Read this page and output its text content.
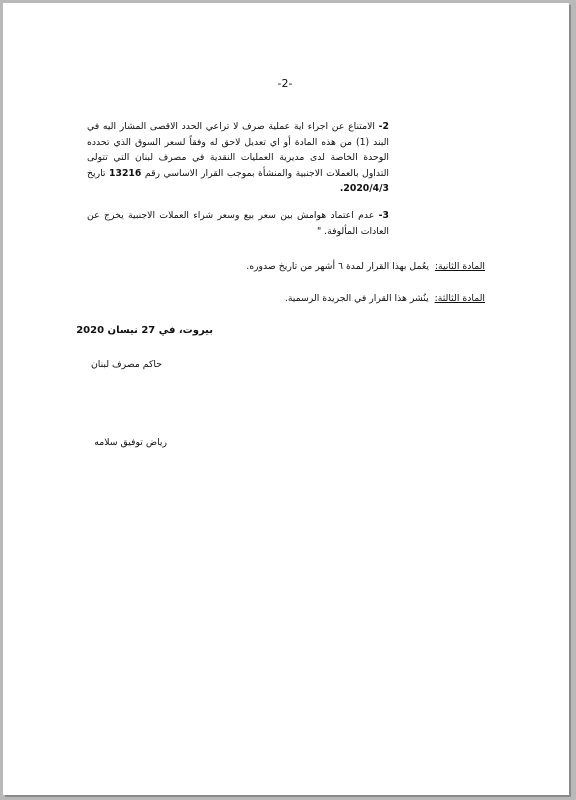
-2-
2- الامتناع عن اجراء اية عملية صرف لا تراعي الحدد الاقصى المشار اليه في البند (1) من هذه المادة أو اي تعديل لاحق له وفقاً لسعر السوق الذي تحدده الوحدة الخاصة لدى مديرية العمليات النقدية في مصرف لبنان التي تتولى التداول بالعملات الاجنبية والمنشأة بموجب القرار الاساسي رقم 13216 تاريخ 2020/4/3.
3- عدم اعتماد هوامش بين سعر بيع وسعر شراء العملات الاجنبية يخرج عن العادات المألوفة. "
المادة الثانية:  يعُمل بهذا القرار لمدة ٦ أشهر من تاريخ صدوره.
المادة الثالثة:  ينُشر هذا القرار في الجريدة الرسمية.
بيروت، في 27 نيسان 2020
حاكم مصرف لبنان
رياض توفيق سلامه
